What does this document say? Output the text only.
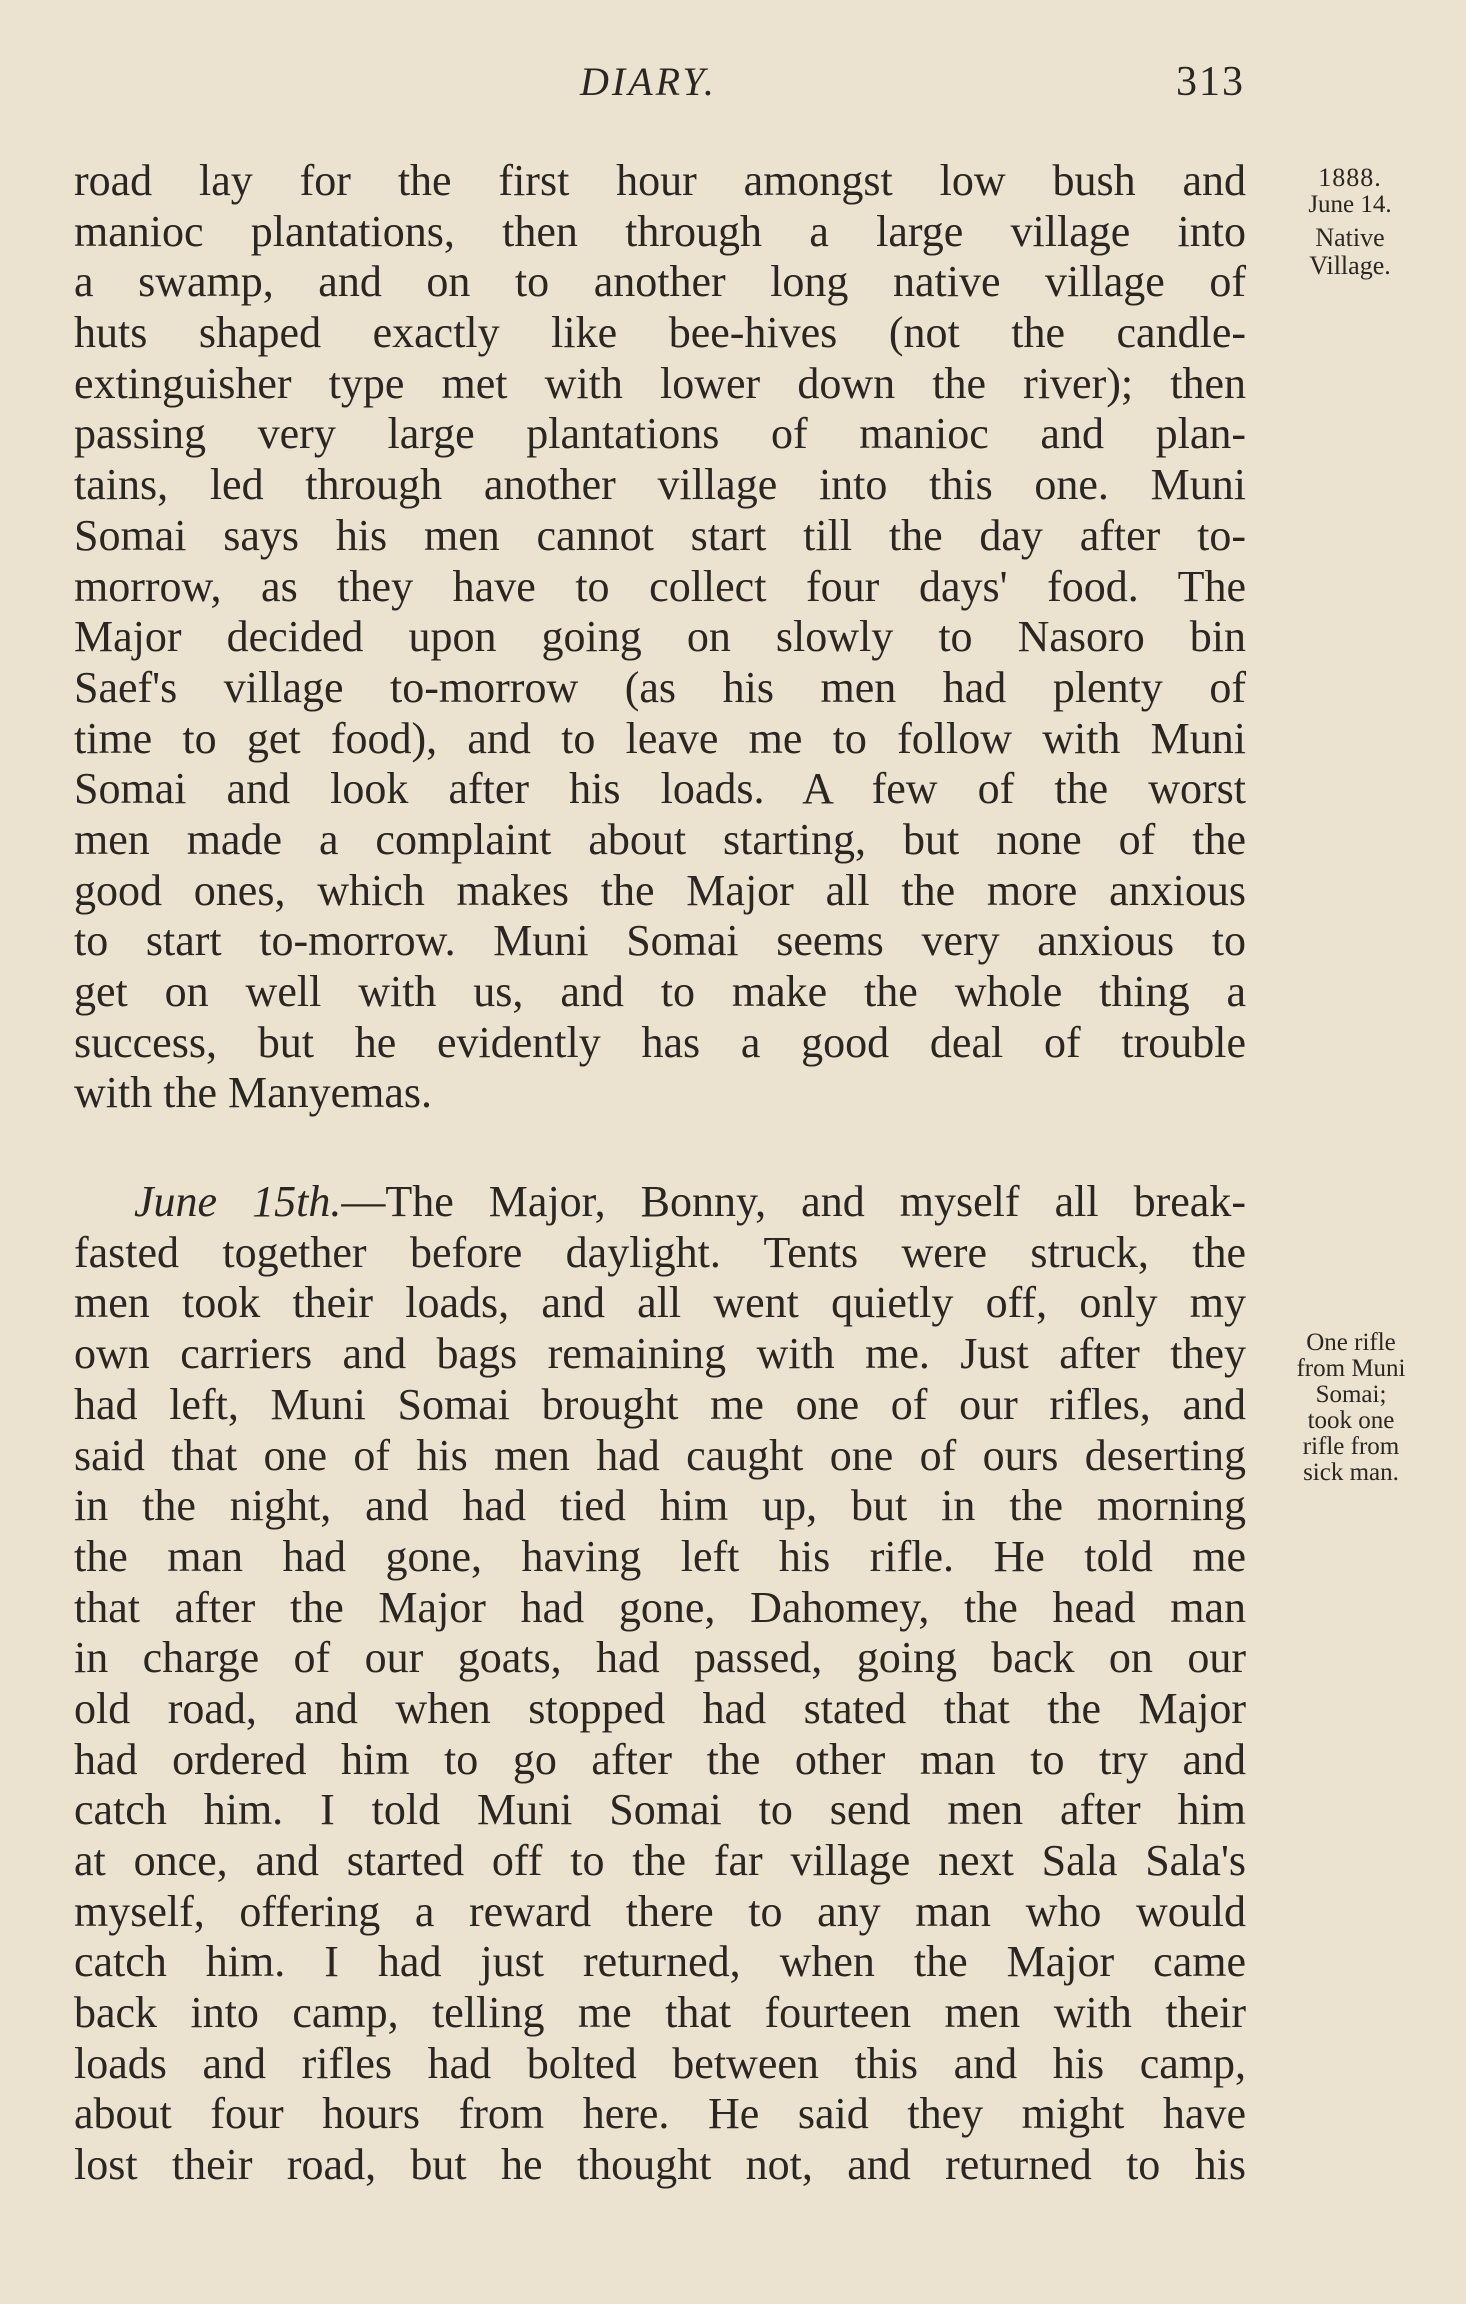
DIARY.	313
1888.
June 14.
Native
Village.
One rifle
from Muni
Somai;
took one
rifle from
sick man.
road lay for the first hour amongst low bush and
manioc plantations, then through a large village into
a swamp, and on to another long native village of
huts shaped exactly like bee-hives (not the candle-
extinguisher type met with lower down the river); then
passing very large plantations of manioc and plan-
tains, led through another village into this one. Muni
Somai says his men cannot start till the day after to-
morrow, as they have to collect four days' food. The
Major decided upon going on slowly to Nasoro bin
Saef's village to-morrow (as his men had plenty of
time to get food), and to leave me to follow with Muni
Somai and look after his loads. A few of the worst
men made a complaint about starting, but none of the
good ones, which makes the Major all the more anxious
to start to-morrow. Muni Somai seems very anxious to
get on well with us, and to make the whole thing a
success, but he evidently has a good deal of trouble
with the Manyemas.
June 15th.—The Major, Bonny, and myself all break-
fasted together before daylight. Tents were struck, the
men took their loads, and all went quietly off, only my
own carriers and bags remaining with me. Just after they
had left, Muni Somai brought me one of our rifles, and
said that one of his men had caught one of ours deserting
in the night, and had tied him up, but in the morning
the man had gone, having left his rifle. He told me
that after the Major had gone, Dahomey, the head man
in charge of our goats, had passed, going back on our
old road, and when stopped had stated that the Major
had ordered him to go after the other man to try and
catch him. I told Muni Somai to send men after him
at once, and started off to the far village next Sala Sala's
myself, offering a reward there to any man who would
catch him. I had just returned, when the Major came
back into camp, telling me that fourteen men with their
loads and rifles had bolted between this and his camp,
about four hours from here. He said they might have
lost their road, but he thought not, and returned to his
